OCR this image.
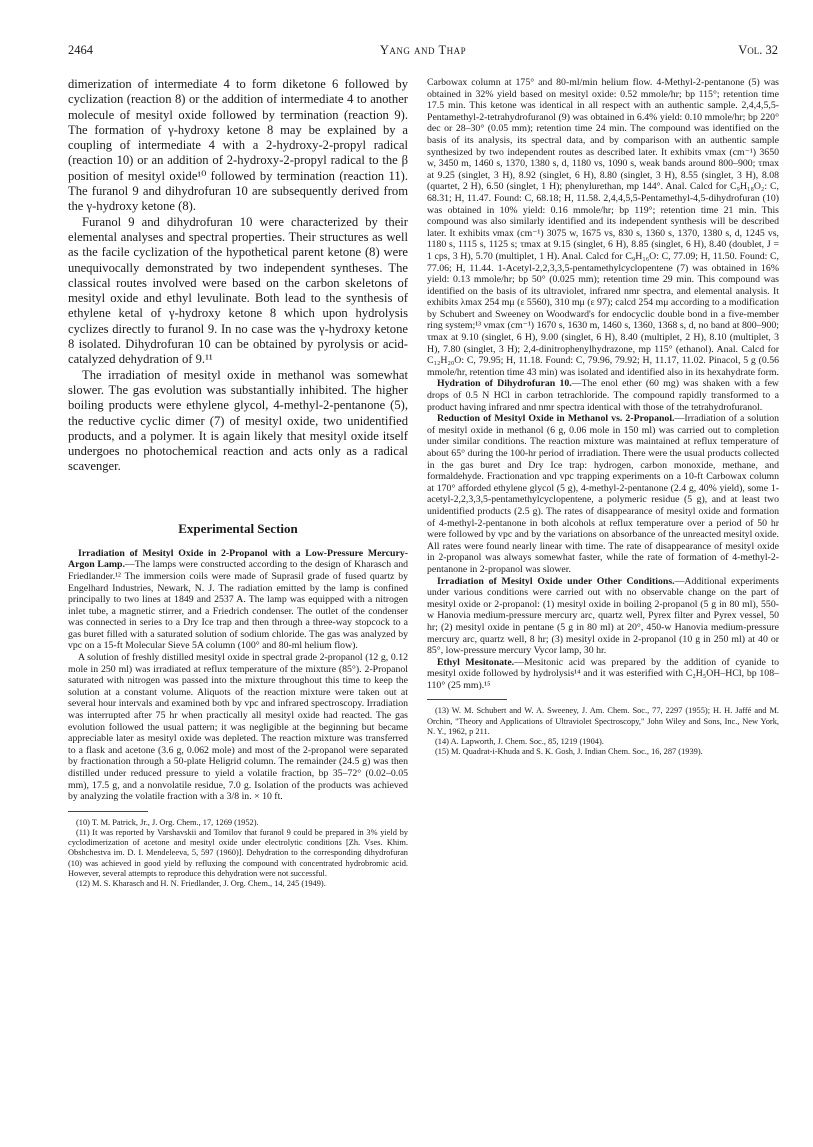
2464	Yang and Thap	Vol. 32

dimerization of intermediate 4 to form diketone 6 followed by cyclization (reaction 8) or the addition of intermediate 4 to another molecule of mesityl oxide followed by termination (reaction 9). The formation of γ-hydroxy ketone 8 may be explained by a coupling of intermediate 4 with a 2-hydroxy-2-propyl radical (reaction 10) or an addition of 2-hydroxy-2-propyl radical to the β position of mesityl oxide¹⁰ followed by termination (reaction 11). The furanol 9 and dihydrofuran 10 are subsequently derived from the γ-hydroxy ketone (8).

Furanol 9 and dihydrofuran 10 were characterized by their elemental analyses and spectral properties. Their structures as well as the facile cyclization of the hypothetical parent ketone (8) were unequivocally demonstrated by two independent syntheses. The classical routes involved were based on the carbon skeletons of mesityl oxide and ethyl levulinate. Both lead to the synthesis of ethylene ketal of γ-hydroxy ketone 8 which upon hydrolysis cyclizes directly to furanol 9. In no case was the γ-hydroxy ketone 8 isolated. Dihydrofuran 10 can be obtained by pyrolysis or acid-catalyzed dehydration of 9.¹¹

The irradiation of mesityl oxide in methanol was somewhat slower. The gas evolution was substantially inhibited. The higher boiling products were ethylene glycol, 4-methyl-2-pentanone (5), the reductive cyclic dimer (7) of mesityl oxide, two unidentified products, and a polymer. It is again likely that mesityl oxide itself undergoes no photochemical reaction and acts only as a radical scavenger.

Experimental Section

Irradiation of Mesityl Oxide in 2-Propanol with a Low-Pressure Mercury-Argon Lamp.—The lamps were constructed according to the design of Kharasch and Friedlander.¹² The immersion coils were made of Suprasil grade of fused quartz by Engelhard Industries, Newark, N. J. The radiation emitted by the lamp is confined principally to two lines at 1849 and 2537 A. The lamp was equipped with a nitrogen inlet tube, a magnetic stirrer, and a Friedrich condenser. The outlet of the condenser was connected in series to a Dry Ice trap and then through a three-way stopcock to a gas buret filled with a saturated solution of sodium chloride. The gas was analyzed by vpc on a 15-ft Molecular Sieve 5A column (100° and 80-ml helium flow).

A solution of freshly distilled mesityl oxide in spectral grade 2-propanol (12 g, 0.12 mole in 250 ml) was irradiated at reflux temperature of the mixture (85°). 2-Propanol saturated with nitrogen was passed into the mixture throughout this time to keep the solution at a constant volume. Aliquots of the reaction mixture were taken out at several hour intervals and examined both by vpc and infrared spectroscopy. Irradiation was interrupted after 75 hr when practically all mesityl oxide had reacted. The gas evolution followed the usual pattern; it was negligible at the beginning but became appreciable later as mesityl oxide was depleted. The reaction mixture was transferred to a flask and acetone (3.6 g, 0.062 mole) and most of the 2-propanol were separated by fractionation through a 50-plate Heligrid column. The remainder (24.5 g) was then distilled under reduced pressure to yield a volatile fraction, bp 35–72° (0.02–0.05 mm), 17.5 g, and a nonvolatile residue, 7.0 g. Isolation of the products was achieved by analyzing the volatile fraction with a 3/8 in. × 10 ft.

(10) T. M. Patrick, Jr., J. Org. Chem., 17, 1269 (1952).

(11) It was reported by Varshavskii and Tomilov that furanol 9 could be prepared in 3% yield by cyclodimerization of acetone and mesityl oxide under electrolytic conditions [Zh. Vses. Khim. Obshchestva im. D. I. Mendeleeva, 5, 597 (1960)]. Dehydration to the corresponding dihydrofuran (10) was achieved in good yield by refluxing the compound with concentrated hydrobromic acid. However, several attempts to reproduce this dehydration were not successful.

(12) M. S. Kharasch and H. N. Friedlander, J. Org. Chem., 14, 245 (1949).

Carbowax column at 175° and 80-ml/min helium flow. 4-Methyl-2-pentanone (5) was obtained in 32% yield based on mesityl oxide: 0.52 mmole/hr; bp 115°; retention time 17.5 min. This ketone was identical in all respect with an authentic sample. 2,4,4,5,5-Pentamethyl-2-tetrahydrofuranol (9) was obtained in 6.4% yield: 0.10 mmole/hr; bp 220° dec or 28–30° (0.05 mm); retention time 24 min. The compound was identified on the basis of its analysis, its spectral data, and by comparison with an authentic sample synthesized by two independent routes as described later. It exhibits νmax (cm⁻¹) 3650 w, 3450 m, 1460 s, 1370, 1380 s, d, 1180 vs, 1090 s, weak bands around 800–900; τmax at 9.25 (singlet, 3 H), 8.92 (singlet, 6 H), 8.80 (singlet, 3 H), 8.55 (singlet, 3 H), 8.08 (quartet, 2 H), 6.50 (singlet, 1 H); phenylurethan, mp 144°. Anal. Calcd for C₉H₁₈O₂: C, 68.31; H, 11.47. Found: C, 68.18; H, 11.58. 2,4,4,5,5-Pentamethyl-4,5-dihydrofuran (10) was obtained in 10% yield: 0.16 mmole/hr; bp 119°; retention time 21 min. This compound was also similarly identified and its independent synthesis will be described later. It exhibits νmax (cm⁻¹) 3075 w, 1675 vs, 830 s, 1360 s, 1370, 1380 s, d, 1245 vs, 1180 s, 1115 s, 1125 s; τmax at 9.15 (singlet, 6 H), 8.85 (singlet, 6 H), 8.40 (doublet, J = 1 cps, 3 H), 5.70 (multiplet, 1 H). Anal. Calcd for C₉H₁₆O: C, 77.09; H, 11.50. Found: C, 77.06; H, 11.44. 1-Acetyl-2,2,3,3,5-pentamethylcyclopentene (7) was obtained in 16% yield: 0.13 mmole/hr; bp 50° (0.025 mm); retention time 29 min. This compound was identified on the basis of its ultraviolet, infrared nmr spectra, and elemental analysis. It exhibits λmax 254 mμ (ε 5560), 310 mμ (ε 97); calcd 254 mμ according to a modification by Schubert and Sweeney on Woodward's for endocyclic double bond in a five-member ring system;¹³ νmax (cm⁻¹) 1670 s, 1630 m, 1460 s, 1360, 1368 s, d, no band at 800–900; τmax at 9.10 (singlet, 6 H), 9.00 (singlet, 6 H), 8.40 (multiplet, 2 H), 8.10 (multiplet, 3 H), 7.80 (singlet, 3 H); 2,4-dinitrophenylhydrazone, mp 115° (ethanol). Anal. Calcd for C₁₂H₂₀O: C, 79.95; H, 11.18. Found: C, 79.96, 79.92; H, 11.17, 11.02. Pinacol, 5 g (0.56 mmole/hr, retention time 43 min) was isolated and identified also in its hexahydrate form.

Hydration of Dihydrofuran 10.—The enol ether (60 mg) was shaken with a few drops of 0.5 N HCl in carbon tetrachloride. The compound rapidly transformed to a product having infrared and nmr spectra identical with those of the tetrahydrofuranol.

Reduction of Mesityl Oxide in Methanol vs. 2-Propanol.—Irradiation of a solution of mesityl oxide in methanol (6 g, 0.06 mole in 150 ml) was carried out to completion under similar conditions. The reaction mixture was maintained at reflux temperature of about 65° during the 100-hr period of irradiation. There were the usual products collected in the gas buret and Dry Ice trap: hydrogen, carbon monoxide, methane, and formaldehyde. Fractionation and vpc trapping experiments on a 10-ft Carbowax column at 170° afforded ethylene glycol (5 g), 4-methyl-2-pentanone (2.4 g, 40% yield), some 1-acetyl-2,2,3,3,5-pentamethylcyclopentene, a polymeric residue (5 g), and at least two unidentified products (2.5 g). The rates of disappearance of mesityl oxide and formation of 4-methyl-2-pentanone in both alcohols at reflux temperature over a period of 50 hr were followed by vpc and by the variations on absorbance of the unreacted mesityl oxide. All rates were found nearly linear with time. The rate of disappearance of mesityl oxide in 2-propanol was always somewhat faster, while the rate of formation of 4-methyl-2-pentanone in 2-propanol was slower.

Irradiation of Mesityl Oxide under Other Conditions.—Additional experiments under various conditions were carried out with no observable change on the part of mesityl oxide or 2-propanol: (1) mesityl oxide in boiling 2-propanol (5 g in 80 ml), 550-w Hanovia medium-pressure mercury arc, quartz well, Pyrex filter and Pyrex vessel, 50 hr; (2) mesityl oxide in pentane (5 g in 80 ml) at 20°, 450-w Hanovia medium-pressure mercury arc, quartz well, 8 hr; (3) mesityl oxide in 2-propanol (10 g in 250 ml) at 40 or 85°, low-pressure mercury Vycor lamp, 30 hr.

Ethyl Mesitonate.—Mesitonic acid was prepared by the addition of cyanide to mesityl oxide followed by hydrolysis¹⁴ and it was esterified with C₂H₅OH–HCl, bp 108–110° (25 mm).¹⁵

(13) W. M. Schubert and W. A. Sweeney, J. Am. Chem. Soc., 77, 2297 (1955); H. H. Jaffé and M. Orchin, "Theory and Applications of Ultraviolet Spectroscopy," John Wiley and Sons, Inc., New York, N. Y., 1962, p 211.

(14) A. Lapworth, J. Chem. Soc., 85, 1219 (1904).

(15) M. Quadrat-i-Khuda and S. K. Gosh, J. Indian Chem. Soc., 16, 287 (1939).
